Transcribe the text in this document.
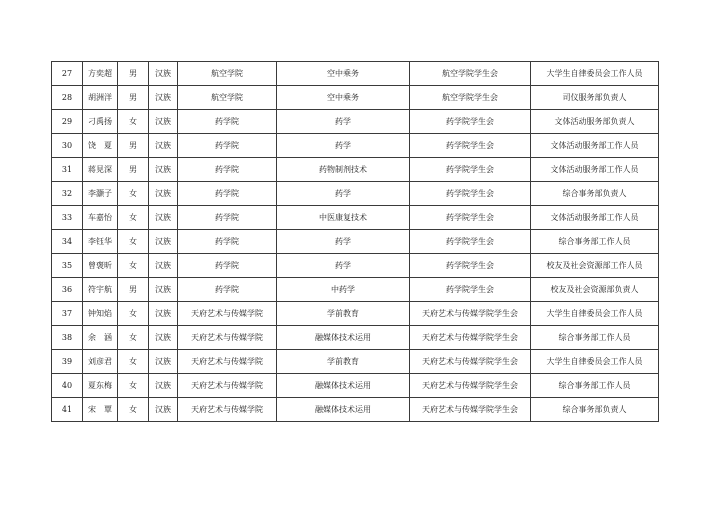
27	方奕超	男	汉族	航空学院	空中乘务	航空学院学生会	大学生自律委员会工作人员
28	胡洲洋	男	汉族	航空学院	空中乘务	航空学院学生会	司仪服务部负责人
29	刁禹扬	女	汉族	药学院	药学	药学院学生会	文体活动服务部负责人
30	饶　夏	男	汉族	药学院	药学	药学院学生会	文体活动服务部工作人员
31	蒋見深	男	汉族	药学院	药物制剂技术	药学院学生会	文体活动服务部工作人员
32	李灏子	女	汉族	药学院	药学	药学院学生会	综合事务部负责人
33	车嘉怡	女	汉族	药学院	中医康复技术	药学院学生会	文体活动服务部工作人员
34	李钰华	女	汉族	药学院	药学	药学院学生会	综合事务部工作人员
35	曾褒昕	女	汉族	药学院	药学	药学院学生会	校友及社会资源部工作人员
36	符宇航	男	汉族	药学院	中药学	药学院学生会	校友及社会资源部负责人
37	钟知焰	女	汉族	天府艺术与传媒学院	学前教育	天府艺术与传媒学院学生会	大学生自律委员会工作人员
38	余　涵	女	汉族	天府艺术与传媒学院	融媒体技术运用	天府艺术与传媒学院学生会	综合事务部工作人员
39	刘彦君	女	汉族	天府艺术与传媒学院	学前教育	天府艺术与传媒学院学生会	大学生自律委员会工作人员
40	夏东梅	女	汉族	天府艺术与传媒学院	融媒体技术运用	天府艺术与传媒学院学生会	综合事务部工作人员
41	宋　覃	女	汉族	天府艺术与传媒学院	融媒体技术运用	天府艺术与传媒学院学生会	综合事务部负责人
